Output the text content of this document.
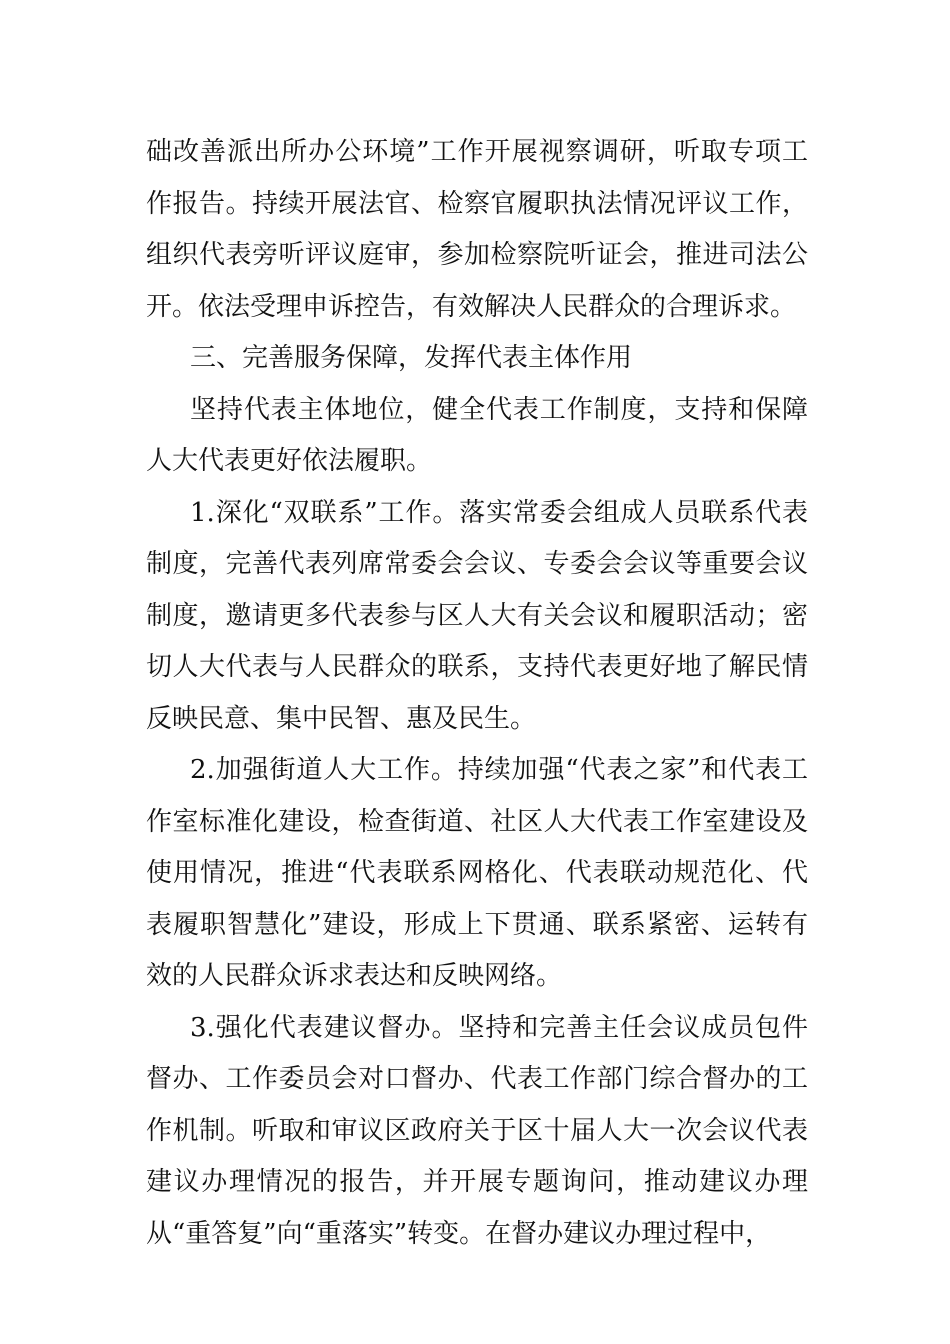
础改善派出所办公环境”工作开展视察调研，听取专项工作报告。持续开展法官、检察官履职执法情况评议工作，组织代表旁听评议庭审，参加检察院听证会，推进司法公开。依法受理申诉控告，有效解决人民群众的合理诉求。

三、完善服务保障，发挥代表主体作用

坚持代表主体地位，健全代表工作制度，支持和保障人大代表更好依法履职。

1.深化“双联系”工作。落实常委会组成人员联系代表制度，完善代表列席常委会会议、专委会会议等重要会议制度，邀请更多代表参与区人大有关会议和履职活动；密切人大代表与人民群众的联系，支持代表更好地了解民情反映民意、集中民智、惠及民生。

2.加强街道人大工作。持续加强“代表之家”和代表工作室标准化建设，检查街道、社区人大代表工作室建设及使用情况，推进“代表联系网格化、代表联动规范化、代表履职智慧化”建设，形成上下贯通、联系紧密、运转有效的人民群众诉求表达和反映网络。

3.强化代表建议督办。坚持和完善主任会议成员包件督办、工作委员会对口督办、代表工作部门综合督办的工作机制。听取和审议区政府关于区十届人大一次会议代表建议办理情况的报告，并开展专题询问，推动建议办理从“重答复”向“重落实”转变。在督办建议办理过程中，
